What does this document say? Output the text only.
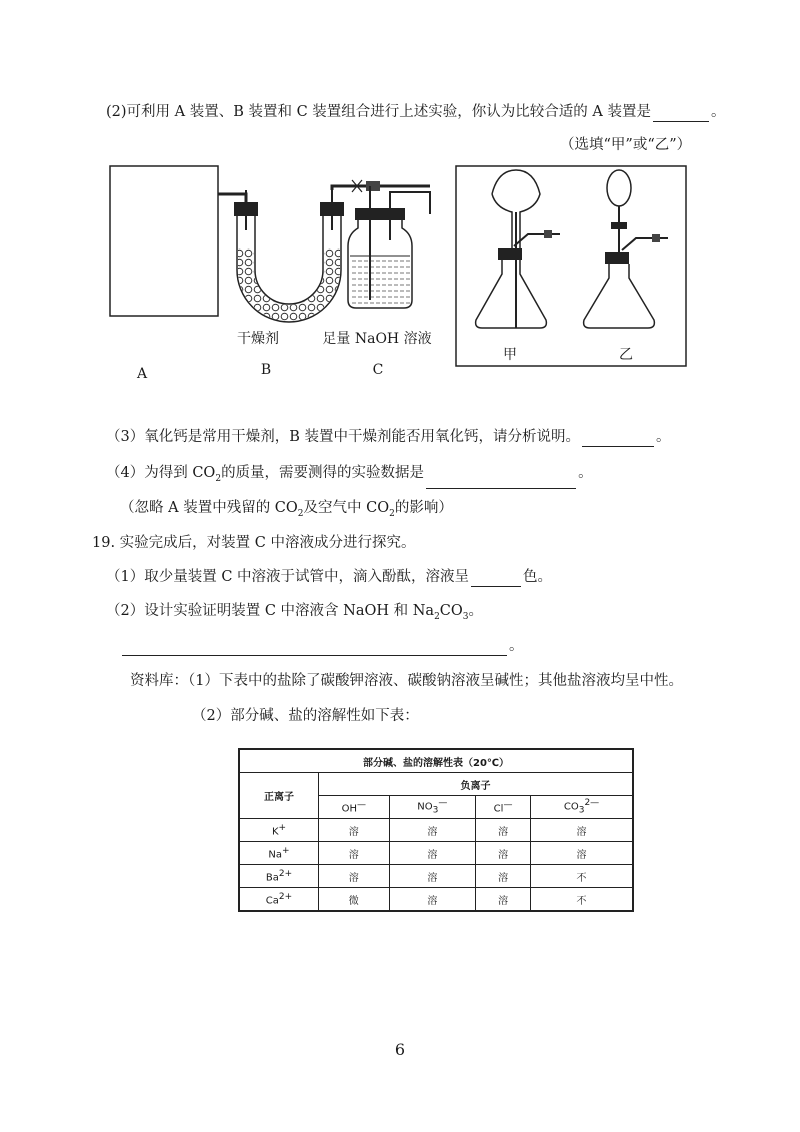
(2)可利用 A 装置、B 装置和 C 装置组合进行上述实验，你认为比较合适的 A 装置是	。
（选填“甲”或“乙”）
干燥剂	足量 NaOH 溶液
A	B	C
甲	乙
（3）氧化钙是常用干燥剂，B 装置中干燥剂能否用氧化钙，请分析说明。	。
（4）为得到 $CO_2$的质量，需要测得的实验数据是	。
（忽略 A 装置中残留的 $CO_2$及空气中 $CO_2$的影响）
19. 实验完成后，对装置 C 中溶液成分进行探究。
（1）取少量装置 C 中溶液于试管中，滴入酚酞，溶液呈	色。
（2）设计实验证明装置 C 中溶液含 NaOH 和 $Na_2CO_3$。
。
资料库：（1）下表中的盐除了碳酸钾溶液、碳酸钠溶液呈碱性；其他盐溶液均呈中性。
（2）部分碱、盐的溶解性如下表：
部分碱、盐的溶解性表（20℃）				
正离子	负离子			
	OH—	$NO_3^—$	Cl—	$CO_3^{2—}$
K+	溶	溶	溶	溶
Na+	溶	溶	溶	溶
$Ba^{2+}$	溶	溶	溶	不
$Ca^{2+}$	微	溶	溶	不
6
